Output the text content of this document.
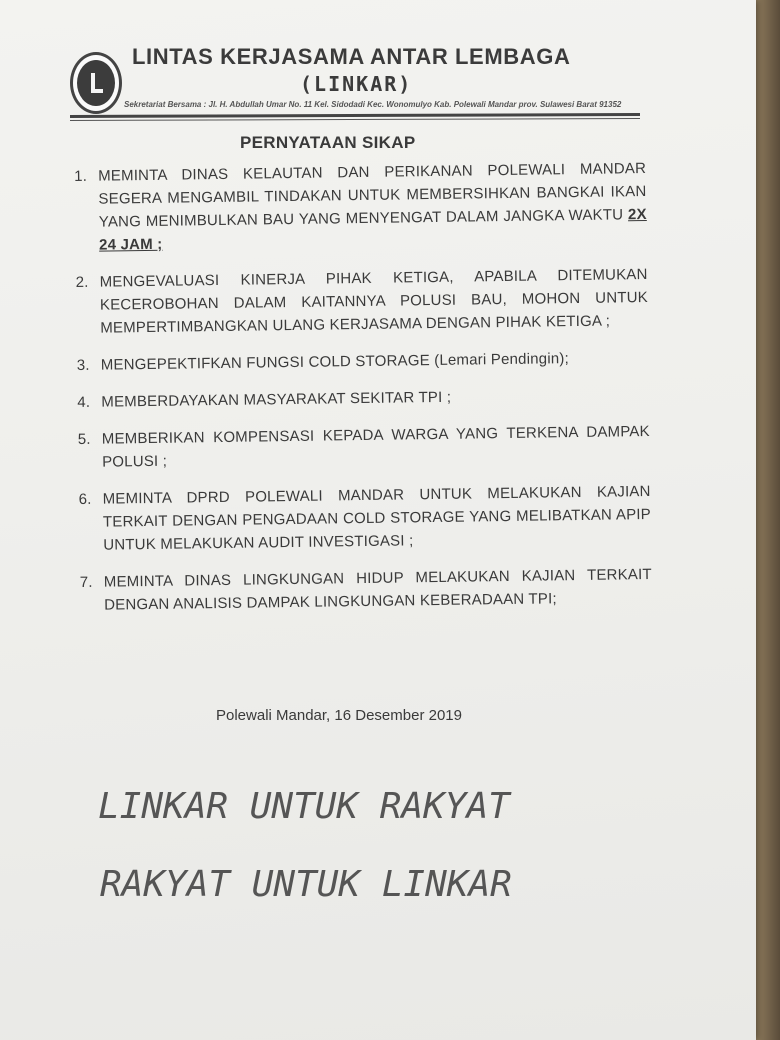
LINTAS KERJASAMA ANTAR LEMBAGA
(LINKAR)
Sekretariat Bersama : Jl. H. Abdullah Umar No. 11 Kel. Sidodadi Kec. Wonomulyo Kab. Polewali Mandar prov. Sulawesi Barat 91352
PERNYATAAN SIKAP
1. MEMINTA DINAS KELAUTAN DAN PERIKANAN POLEWALI MANDAR SEGERA MENGAMBIL TINDAKAN UNTUK MEMBERSIHKAN BANGKAI IKAN YANG MENIMBULKAN BAU YANG MENYENGAT DALAM JANGKA WAKTU 2X 24 JAM ;
2. MENGEVALUASI KINERJA PIHAK KETIGA, APABILA DITEMUKAN KECEROBOHAN DALAM KAITANNYA POLUSI BAU, MOHON UNTUK MEMPERTIMBANGKAN ULANG KERJASAMA DENGAN PIHAK KETIGA ;
3. MENGEPEKTIFKAN FUNGSI COLD STORAGE (Lemari Pendingin);
4. MEMBERDAYAKAN MASYARAKAT SEKITAR TPI ;
5. MEMBERIKAN KOMPENSASI KEPADA WARGA YANG TERKENA DAMPAK POLUSI ;
6. MEMINTA DPRD POLEWALI MANDAR UNTUK MELAKUKAN KAJIAN TERKAIT DENGAN PENGADAAN COLD STORAGE YANG MELIBATKAN APIP UNTUK MELAKUKAN AUDIT INVESTIGASI ;
7. MEMINTA DINAS LINGKUNGAN HIDUP MELAKUKAN KAJIAN TERKAIT DENGAN ANALISIS DAMPAK LINGKUNGAN KEBERADAAN TPI;
Polewali Mandar, 16 Desember 2019
LINKAR UNTUK RAKYAT
RAKYAT UNTUK LINKAR
